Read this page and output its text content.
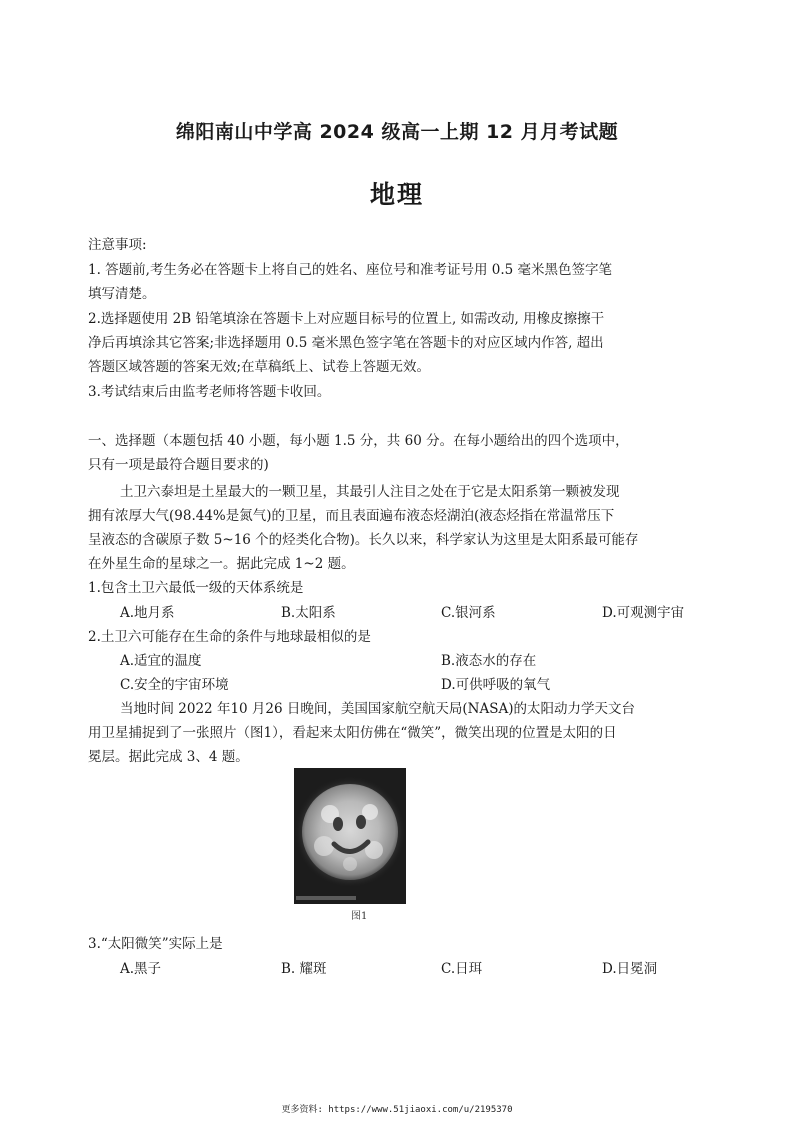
绵阳南山中学高 2024 级高一上期 12 月月考试题
地理
注意事项:
1. 答题前,考生务必在答题卡上将自己的姓名、座位号和准考证号用 0.5 毫米黑色签字笔
填写清楚。
2.选择题使用 2B 铅笔填涂在答题卡上对应题目标号的位置上, 如需改动, 用橡皮擦擦干
净后再填涂其它答案;非选择题用 0.5 毫米黑色签字笔在答题卡的对应区域内作答, 超出
答题区域答题的答案无效;在草稿纸上、试卷上答题无效。
3.考试结束后由监考老师将答题卡收回。
一、选择题（本题包括 40 小题，每小题 1.5 分，共 60 分。在每小题给出的四个选项中，
只有一项是最符合题目要求的)
土卫六泰坦是土星最大的一颗卫星，其最引人注目之处在于它是太阳系第一颗被发现
拥有浓厚大气(98.44%是氮气)的卫星，而且表面遍布液态烃湖泊(液态烃指在常温常压下
呈液态的含碳原子数 5~16 个的烃类化合物)。长久以来，科学家认为这里是太阳系最可能存
在外星生命的星球之一。据此完成 1~2 题。
1.包含土卫六最低一级的天体系统是
A.地月系	B.太阳系	C.银河系	D.可观测宇宙
2.土卫六可能存在生命的条件与地球最相似的是
A.适宜的温度	B.液态水的存在
C.安全的宇宙环境	D.可供呼吸的氧气
当地时间 2022 年10 月26 日晚间，美国国家航空航天局(NASA)的太阳动力学天文台
用卫星捕捉到了一张照片（图1），看起来太阳仿佛在“微笑”，微笑出现的位置是太阳的日
冕层。据此完成 3、4 题。
图1
3.“太阳微笑”实际上是
A.黑子	B. 耀斑	C.日珥	D.日冕洞
更多资料: https://www.51jiaoxi.com/u/2195370
